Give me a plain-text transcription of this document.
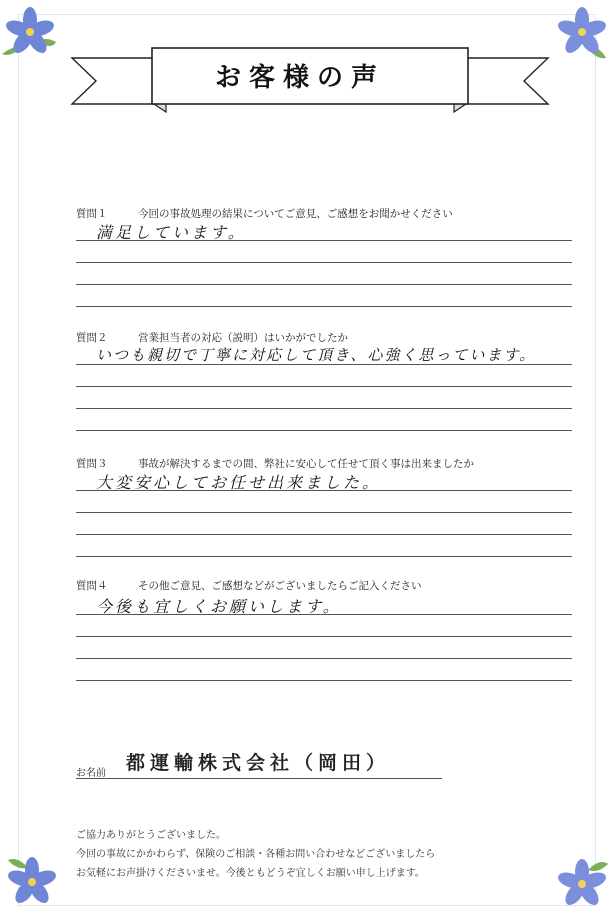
お客様の声
質問１	今回の事故処理の結果についてご意見、ご感想をお聞かせください
満足しています。
質問２	営業担当者の対応（説明）はいかがでしたか
いつも親切で丁寧に対応して頂き、心強く思っています。
質問３	事故が解決するまでの間、弊社に安心して任せて頂く事は出来ましたか
大変安心してお任せ出来ました。
質問４	その他ご意見、ご感想などがございましたらご記入ください
今後も宜しくお願いします。
お名前 都運輸株式会社（岡田）
ご協力ありがとうございました。
今回の事故にかかわらず、保険のご相談・各種お問い合わせなどございましたら
お気軽にお声掛けくださいませ。今後ともどうぞ宜しくお願い申し上げます。
